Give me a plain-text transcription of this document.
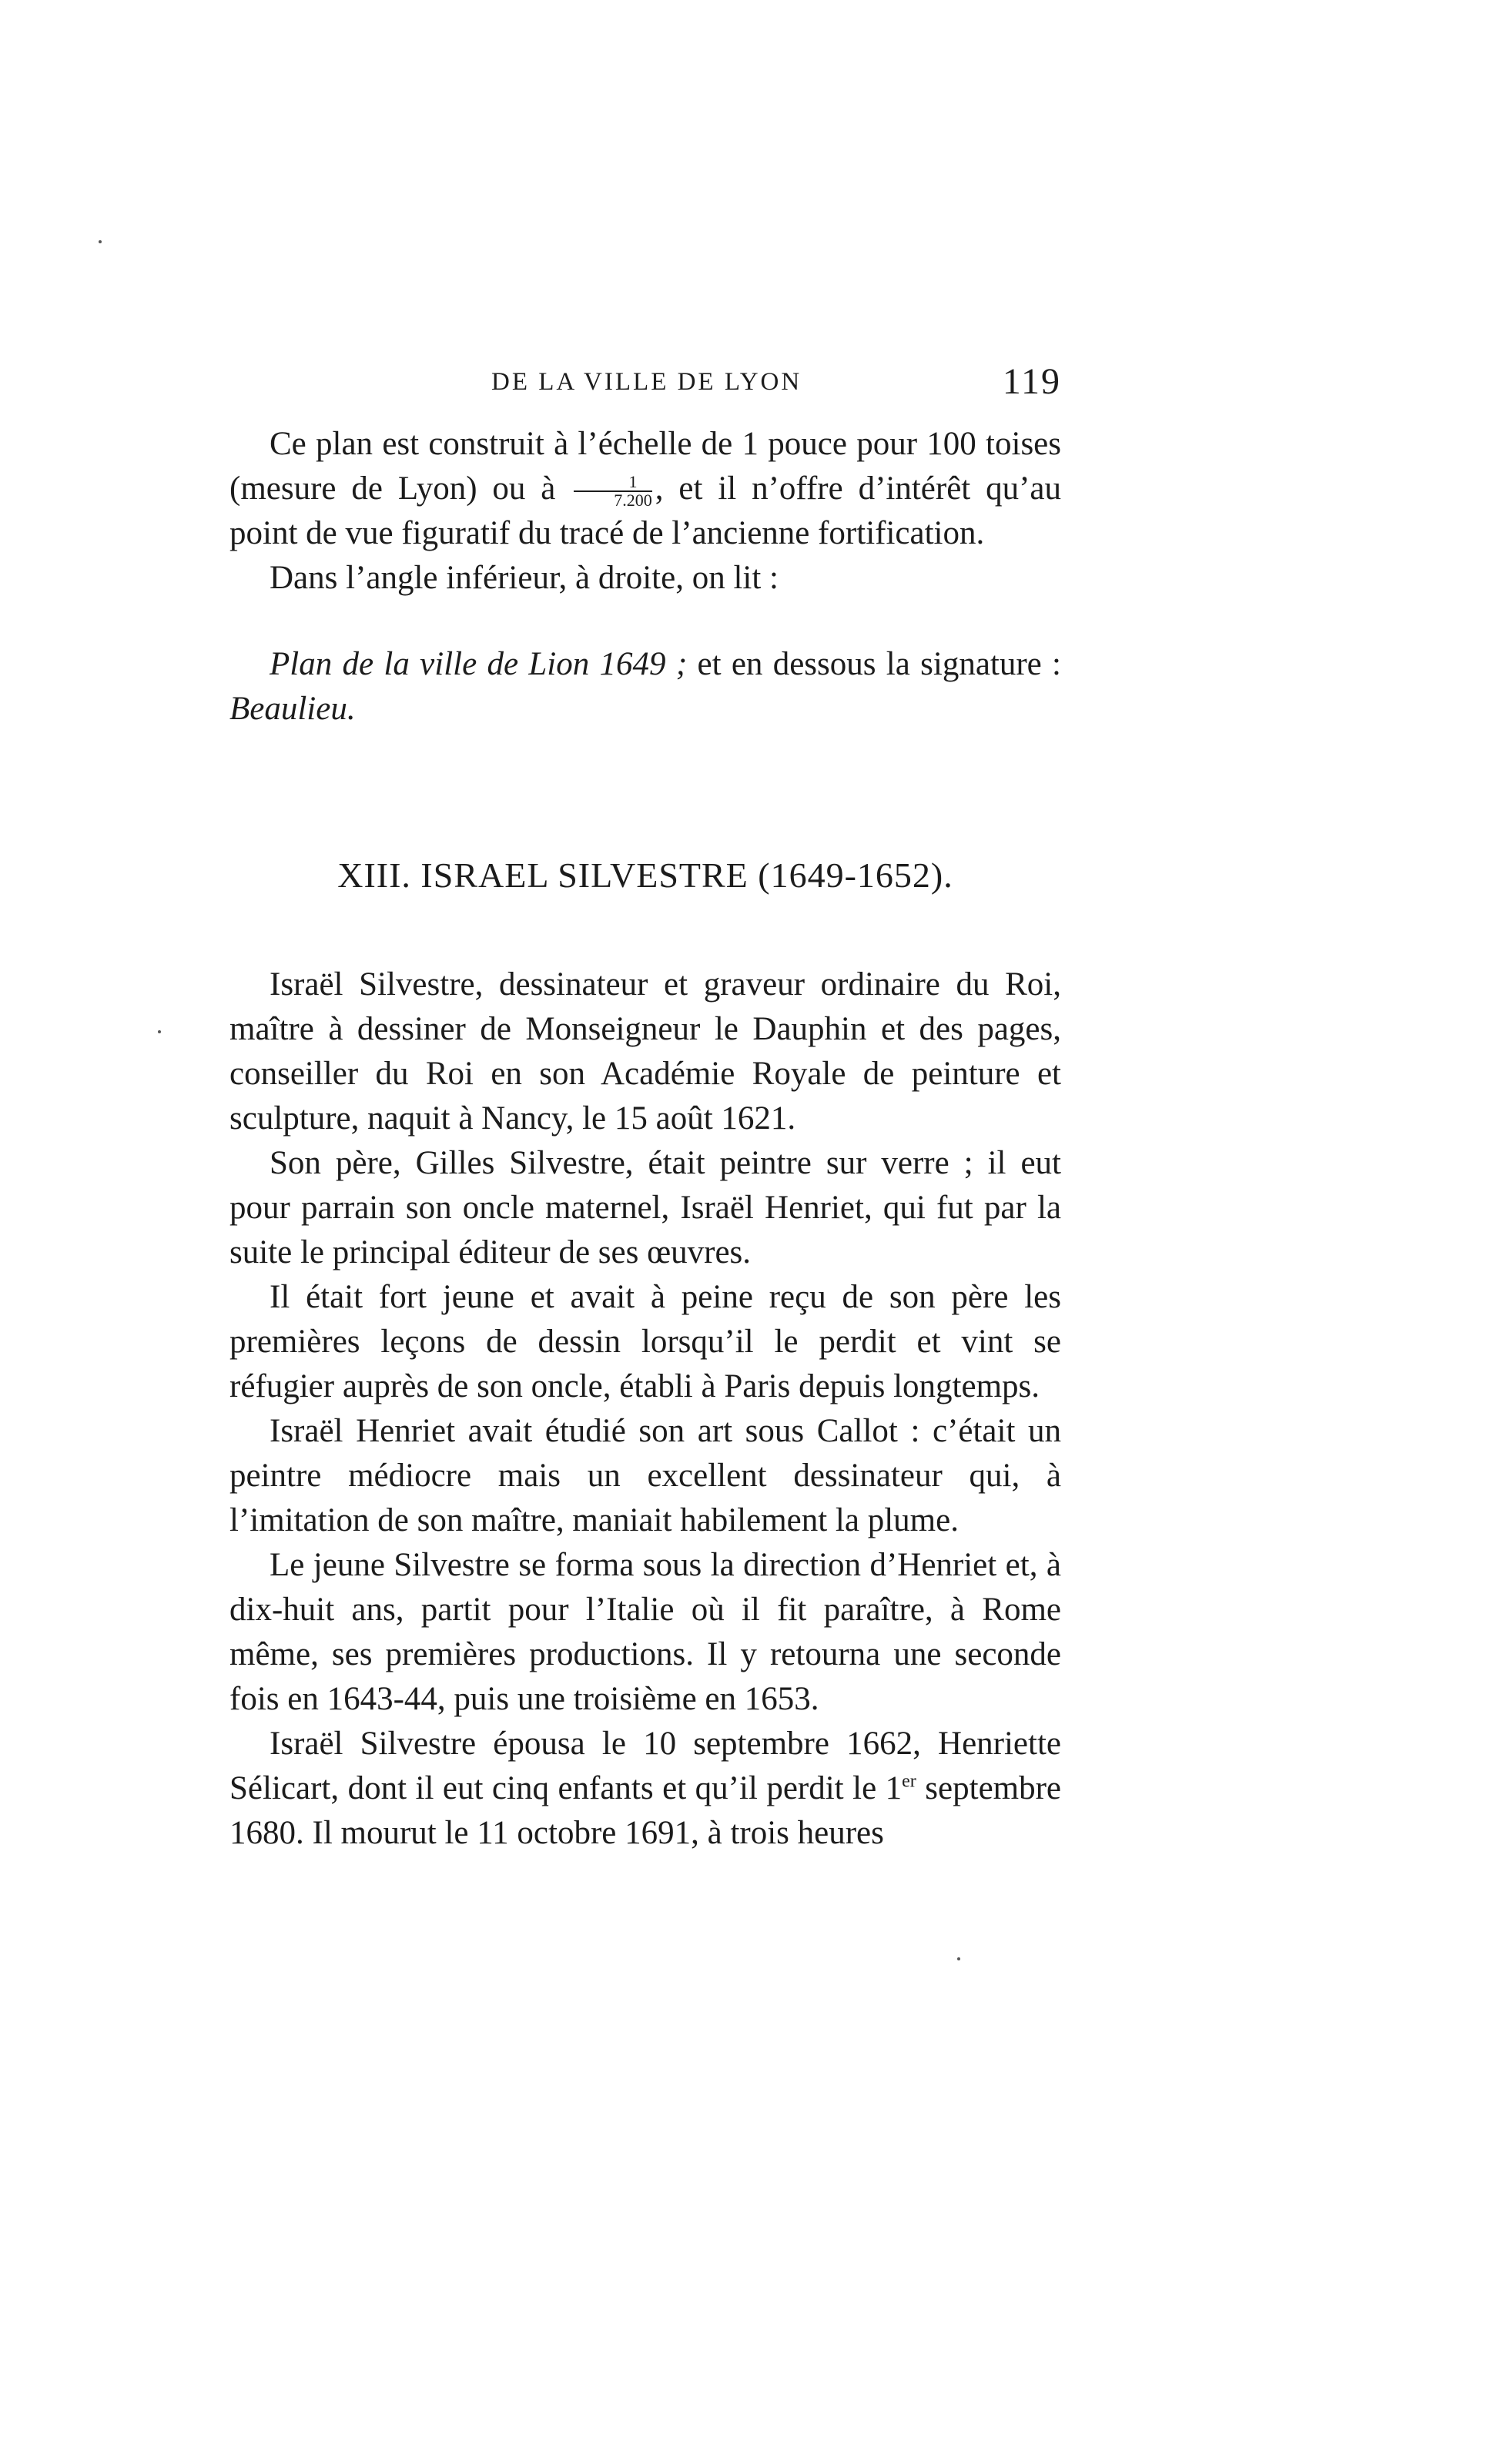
DE LA VILLE DE LYON	119

Ce plan est construit à l’échelle de 1 pouce pour 100 toises (mesure de Lyon) ou à $\frac{1}{7.200}$ , et il n’offre d’intérêt qu’au point de vue figuratif du tracé de l’ancienne fortification.

Dans l’angle inférieur, à droite, on lit :

Plan de la ville de Lion 1649 ; et en dessous la signature : Beaulieu.

XIII. ISRAEL SILVESTRE (1649-1652).

Israël Silvestre, dessinateur et graveur ordinaire du Roi, maître à dessiner de Monseigneur le Dauphin et des pages, conseiller du Roi en son Académie Royale de peinture et sculpture, naquit à Nancy, le 15 août 1621.

Son père, Gilles Silvestre, était peintre sur verre ; il eut pour parrain son oncle maternel, Israël Henriet, qui fut par la suite le principal éditeur de ses œuvres.

Il était fort jeune et avait à peine reçu de son père les premières leçons de dessin lorsqu’il le perdit et vint se réfugier auprès de son oncle, établi à Paris depuis longtemps.

Israël Henriet avait étudié son art sous Callot : c’était un peintre médiocre mais un excellent dessinateur qui, à l’imitation de son maître, maniait habilement la plume.

Le jeune Silvestre se forma sous la direction d’Henriet et, à dix-huit ans, partit pour l’Italie où il fit paraître, à Rome même, ses premières productions. Il y retourna une seconde fois en 1643-44, puis une troisième en 1653.

Israël Silvestre épousa le 10 septembre 1662, Henriette Sélicart, dont il eut cinq enfants et qu’il perdit le 1er septembre 1680. Il mourut le 11 octobre 1691, à trois heures
